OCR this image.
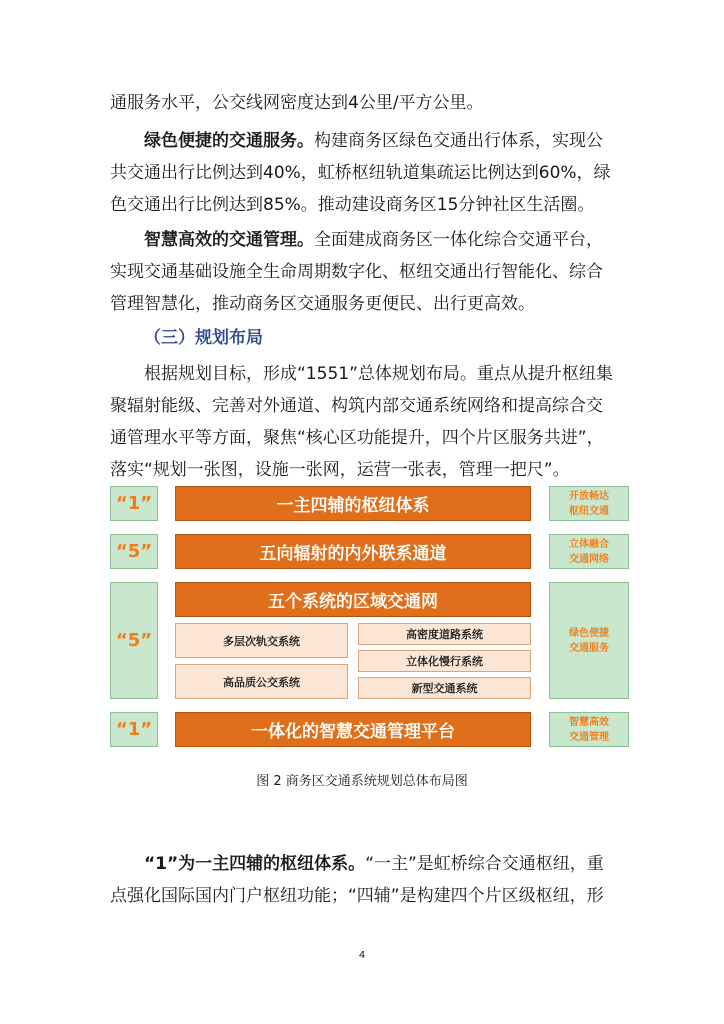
通服务水平，公交线网密度达到4公里/平方公里。

绿色便捷的交通服务。构建商务区绿色交通出行体系，实现公共交通出行比例达到40%，虹桥枢纽轨道集疏运比例达到60%，绿色交通出行比例达到85%。推动建设商务区15分钟社区生活圈。

智慧高效的交通管理。全面建成商务区一体化综合交通平台，实现交通基础设施全生命周期数字化、枢纽交通出行智能化、综合管理智慧化，推动商务区交通服务更便民、出行更高效。

（三）规划布局

根据规划目标，形成“1551”总体规划布局。重点从提升枢纽集聚辐射能级、完善对外通道、构筑内部交通系统网络和提高综合交通管理水平等方面，聚焦“核心区功能提升，四个片区服务共进”，落实“规划一张图，设施一张网，运营一张表，管理一把尺”。

“1”	一主四辅的枢纽体系	开放畅达
枢纽交通
“5”	五向辐射的内外联系通道	立体融合
交通网络
“5”
五个系统的区域交通网
多层次轨交系统
高品质公交系统
高密度道路系统
立体化慢行系统
新型交通系统
绿色便捷
交通服务
“1”	一体化的智慧交通管理平台	智慧高效
交通管理

图 2 商务区交通系统规划总体布局图

“1”为一主四辅的枢纽体系。“一主”是虹桥综合交通枢纽，重点强化国际国内门户枢纽功能；“四辅”是构建四个片区级枢纽，形

4
